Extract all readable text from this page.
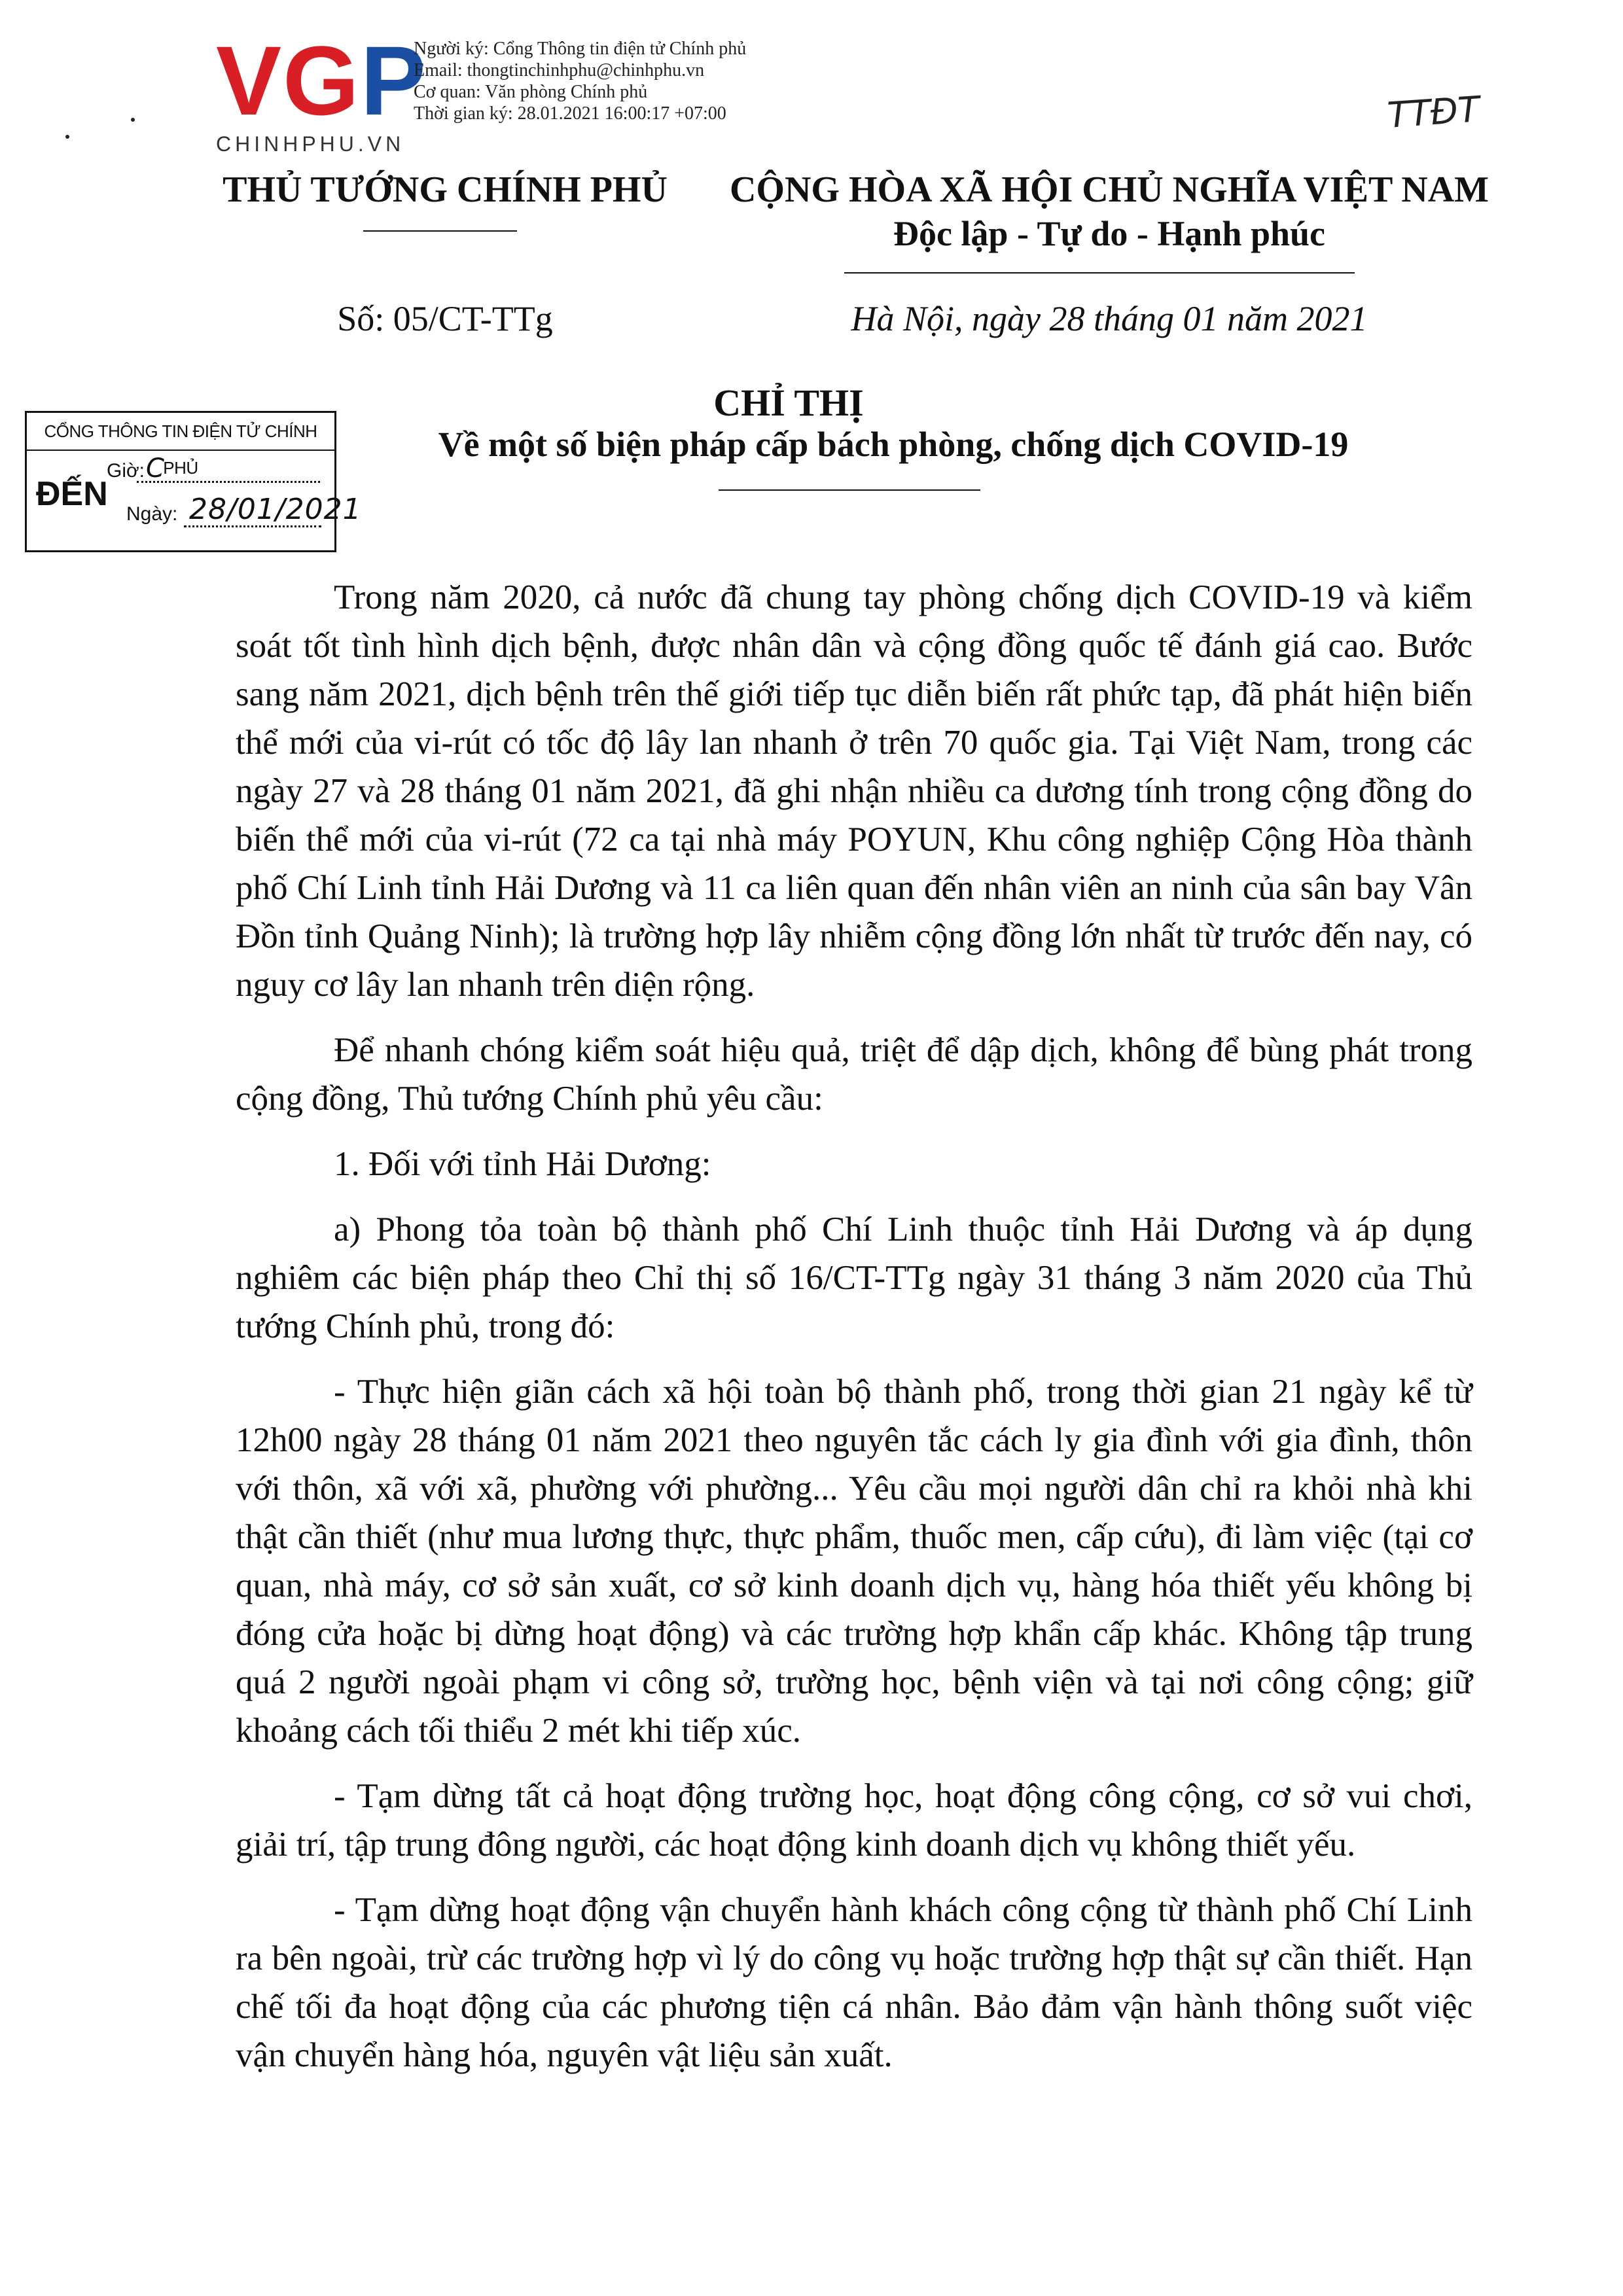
VGP
CHINHPHU.VN
Người ký: Cổng Thông tin điện tử Chính phủ
Email: thongtinchinhphu@chinhphu.vn
Cơ quan: Văn phòng Chính phủ
Thời gian ký: 28.01.2021 16:00:17 +07:00	TTĐT
THỦ TƯỚNG CHÍNH PHỦ	CỘNG HÒA XÃ HỘI CHỦ NGHĨA VIỆT NAM
Độc lập - Tự do - Hạnh phúc
Số: 05/CT-TTg	Hà Nội, ngày 28 tháng 01 năm 2021
CỔNG THÔNG TIN ĐIỆN TỬ CHÍNH PHỦ
ĐẾN
Giờ: C
Ngày: 28/01/2021
CHỈ THỊ
Về một số biện pháp cấp bách phòng, chống dịch COVID-19

Trong năm 2020, cả nước đã chung tay phòng chống dịch COVID-19 và kiểm soát tốt tình hình dịch bệnh, được nhân dân và cộng đồng quốc tế đánh giá cao. Bước sang năm 2021, dịch bệnh trên thế giới tiếp tục diễn biến rất phức tạp, đã phát hiện biến thể mới của vi-rút có tốc độ lây lan nhanh ở trên 70 quốc gia. Tại Việt Nam, trong các ngày 27 và 28 tháng 01 năm 2021, đã ghi nhận nhiều ca dương tính trong cộng đồng do biến thể mới của vi-rút (72 ca tại nhà máy POYUN, Khu công nghiệp Cộng Hòa thành phố Chí Linh tỉnh Hải Dương và 11 ca liên quan đến nhân viên an ninh của sân bay Vân Đồn tỉnh Quảng Ninh); là trường hợp lây nhiễm cộng đồng lớn nhất từ trước đến nay, có nguy cơ lây lan nhanh trên diện rộng.

Để nhanh chóng kiểm soát hiệu quả, triệt để dập dịch, không để bùng phát trong cộng đồng, Thủ tướng Chính phủ yêu cầu:

1. Đối với tỉnh Hải Dương:

a) Phong tỏa toàn bộ thành phố Chí Linh thuộc tỉnh Hải Dương và áp dụng nghiêm các biện pháp theo Chỉ thị số 16/CT-TTg ngày 31 tháng 3 năm 2020 của Thủ tướng Chính phủ, trong đó:

- Thực hiện giãn cách xã hội toàn bộ thành phố, trong thời gian 21 ngày kể từ 12h00 ngày 28 tháng 01 năm 2021 theo nguyên tắc cách ly gia đình với gia đình, thôn với thôn, xã với xã, phường với phường... Yêu cầu mọi người dân chỉ ra khỏi nhà khi thật cần thiết (như mua lương thực, thực phẩm, thuốc men, cấp cứu), đi làm việc (tại cơ quan, nhà máy, cơ sở sản xuất, cơ sở kinh doanh dịch vụ, hàng hóa thiết yếu không bị đóng cửa hoặc bị dừng hoạt động) và các trường hợp khẩn cấp khác. Không tập trung quá 2 người ngoài phạm vi công sở, trường học, bệnh viện và tại nơi công cộng; giữ khoảng cách tối thiểu 2 mét khi tiếp xúc.

- Tạm dừng tất cả hoạt động trường học, hoạt động công cộng, cơ sở vui chơi, giải trí, tập trung đông người, các hoạt động kinh doanh dịch vụ không thiết yếu.

- Tạm dừng hoạt động vận chuyển hành khách công cộng từ thành phố Chí Linh ra bên ngoài, trừ các trường hợp vì lý do công vụ hoặc trường hợp thật sự cần thiết. Hạn chế tối đa hoạt động của các phương tiện cá nhân. Bảo đảm vận hành thông suốt việc vận chuyển hàng hóa, nguyên vật liệu sản xuất.
